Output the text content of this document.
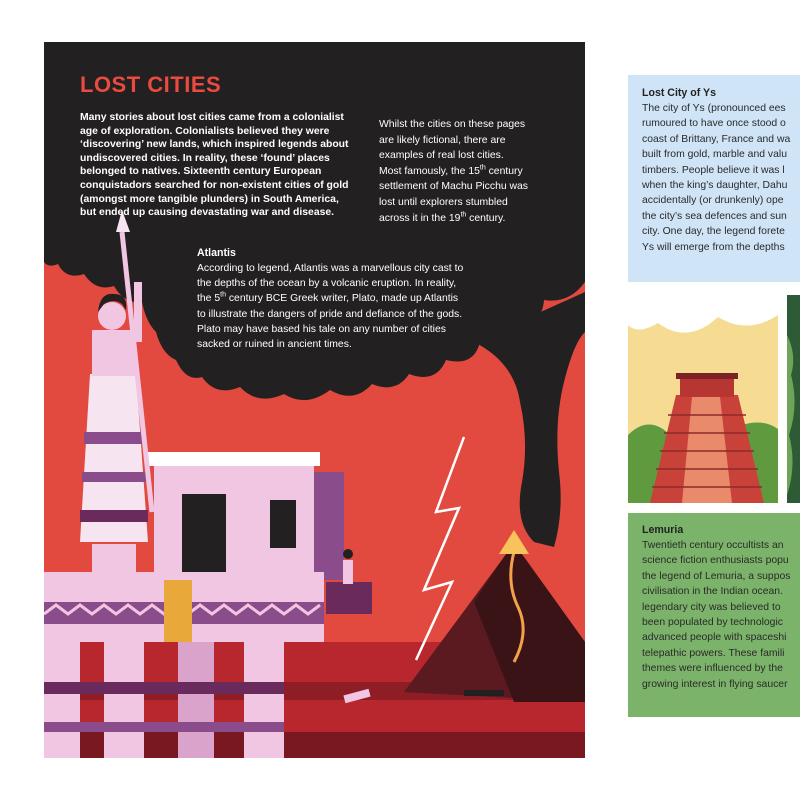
LOST CITIES
Many stories about lost cities came from a colonialist
age of exploration. Colonialists believed they were
‘discovering’ new lands, which inspired legends about
undiscovered cities. In reality, these ‘found’ places
belonged to natives. Sixteenth century European
conquistadors searched for non-existent cities of gold
(amongst more tangible plunders) in South America,
but ended up causing devastating war and disease.
Whilst the cities on these pages
are likely fictional, there are
examples of real lost cities.
Most famously, the 15th century
settlement of Machu Picchu was
lost until explorers stumbled
across it in the 19th century.
Atlantis
According to legend, Atlantis was a marvellous city cast to
the depths of the ocean by a volcanic eruption. In reality,
the 5th century BCE Greek writer, Plato, made up Atlantis
to illustrate the dangers of pride and defiance of the gods.
Plato may have based his tale on any number of cities
sacked or ruined in ancient times.
Lost City of Ys
The city of Ys (pronounced ees
rumoured to have once stood o
coast of Brittany, France and wa
built from gold, marble and valu
timbers. People believe it was l
when the king’s daughter, Dahu
accidentally (or drunkenly) ope
the city’s sea defences and sun
city. One day, the legend forete
Ys will emerge from the depths
Lemuria
Twentieth century occultists an
science fiction enthusiasts popu
the legend of Lemuria, a suppos
civilisation in the Indian ocean.
legendary city was believed to
been populated by technologic
advanced people with spaceshi
telepathic powers. These famili
themes were influenced by the
growing interest in flying saucer
